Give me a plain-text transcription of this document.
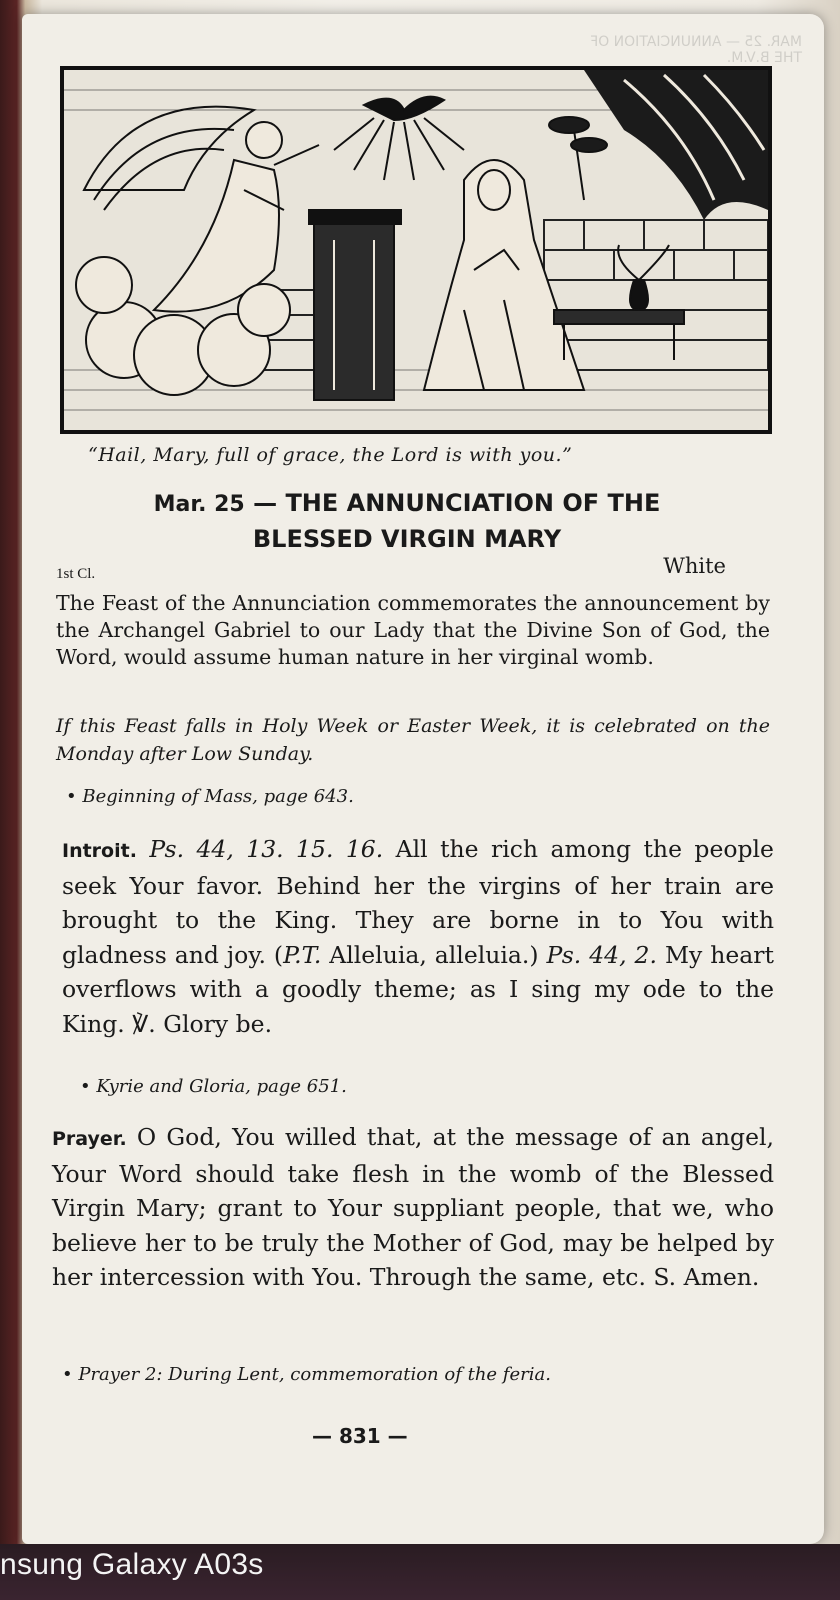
MAR. 25 — ANNUNCIATION OF THE B.V.M.
“Hail, Mary, full of grace, the Lord is with you.”
Mar. 25 — THE ANNUNCIATION OF THE
BLESSED VIRGIN MARY
1st Cl.	White
The Feast of the Annunciation commemorates the announcement by the Archangel Gabriel to our Lady that the Divine Son of God, the Word, would assume human nature in her virginal womb.
If this Feast falls in Holy Week or Easter Week, it is celebrated on the Monday after Low Sunday.
• Beginning of Mass, page 643.
Introit. Ps. 44, 13. 15. 16. All the rich among the people seek Your favor. Behind her the virgins of her train are brought to the King. They are borne in to You with gladness and joy. (P.T. Alleluia, alleluia.) Ps. 44, 2. My heart overflows with a goodly theme; as I sing my ode to the King. ℣. Glory be.
• Kyrie and Gloria, page 651.
Prayer. O God, You willed that, at the message of an angel, Your Word should take flesh in the womb of the Blessed Virgin Mary; grant to Your suppliant people, that we, who believe her to be truly the Mother of God, may be helped by her intercession with You. Through the same, etc. S. Amen.
• Prayer 2: During Lent, commemoration of the feria.
— 831 —
nsung Galaxy A03s
